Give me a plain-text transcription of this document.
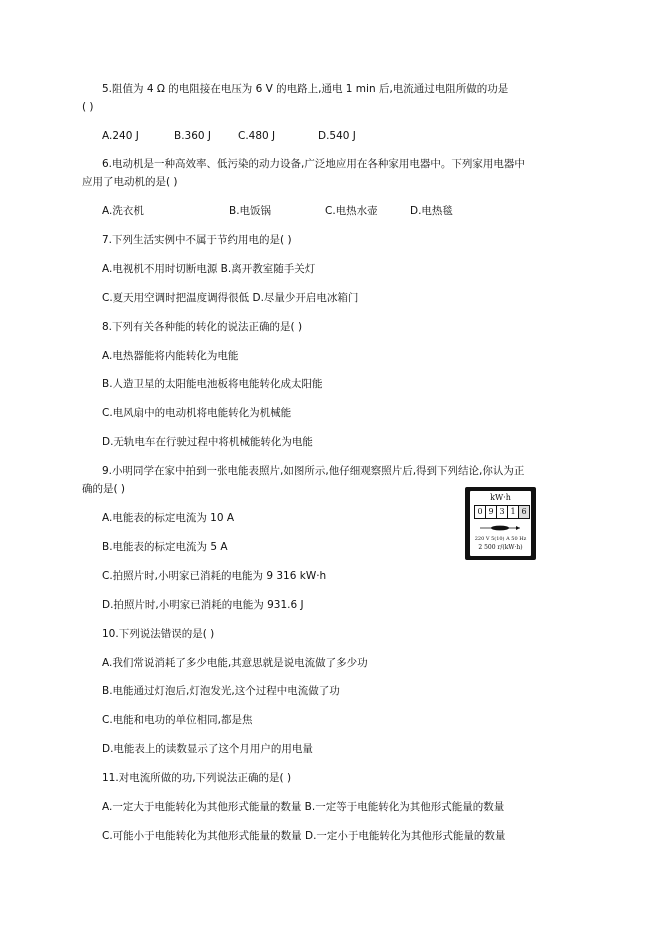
5.阻值为 4 Ω 的电阻接在电压为 6 V 的电路上,通电 1 min 后,电流通过电阻所做的功是
( )
A.240 J	B.360 J	C.480 J	D.540 J
6.电动机是一种高效率、低污染的动力设备,广泛地应用在各种家用电器中。下列家用电器中
应用了电动机的是( )
A.洗衣机	B.电饭锅	C.电热水壶	D.电热毯
7.下列生活实例中不属于节约用电的是( )
A.电视机不用时切断电源 B.离开教室随手关灯
C.夏天用空调时把温度调得很低 D.尽量少开启电冰箱门
8.下列有关各种能的转化的说法正确的是( )
A.电热器能将内能转化为电能
B.人造卫星的太阳能电池板将电能转化成太阳能
C.电风扇中的电动机将电能转化为机械能
D.无轨电车在行驶过程中将机械能转化为电能
9.小明同学在家中拍到一张电能表照片,如图所示,他仔细观察照片后,得到下列结论,你认为正
确的是( )
A.电能表的标定电流为 10 A
B.电能表的标定电流为 5 A
C.拍照片时,小明家已消耗的电能为 9 316 kW·h
D.拍照片时,小明家已消耗的电能为 931.6 J
kW·h
0 9 3 1 6
220 V 5(10) A 50 Hz
2 500 r/(kW·h)
10.下列说法错误的是( )
A.我们常说消耗了多少电能,其意思就是说电流做了多少功
B.电能通过灯泡后,灯泡发光,这个过程中电流做了功
C.电能和电功的单位相同,都是焦
D.电能表上的读数显示了这个月用户的用电量
11.对电流所做的功,下列说法正确的是( )
A.一定大于电能转化为其他形式能量的数量 B.一定等于电能转化为其他形式能量的数量
C.可能小于电能转化为其他形式能量的数量 D.一定小于电能转化为其他形式能量的数量
